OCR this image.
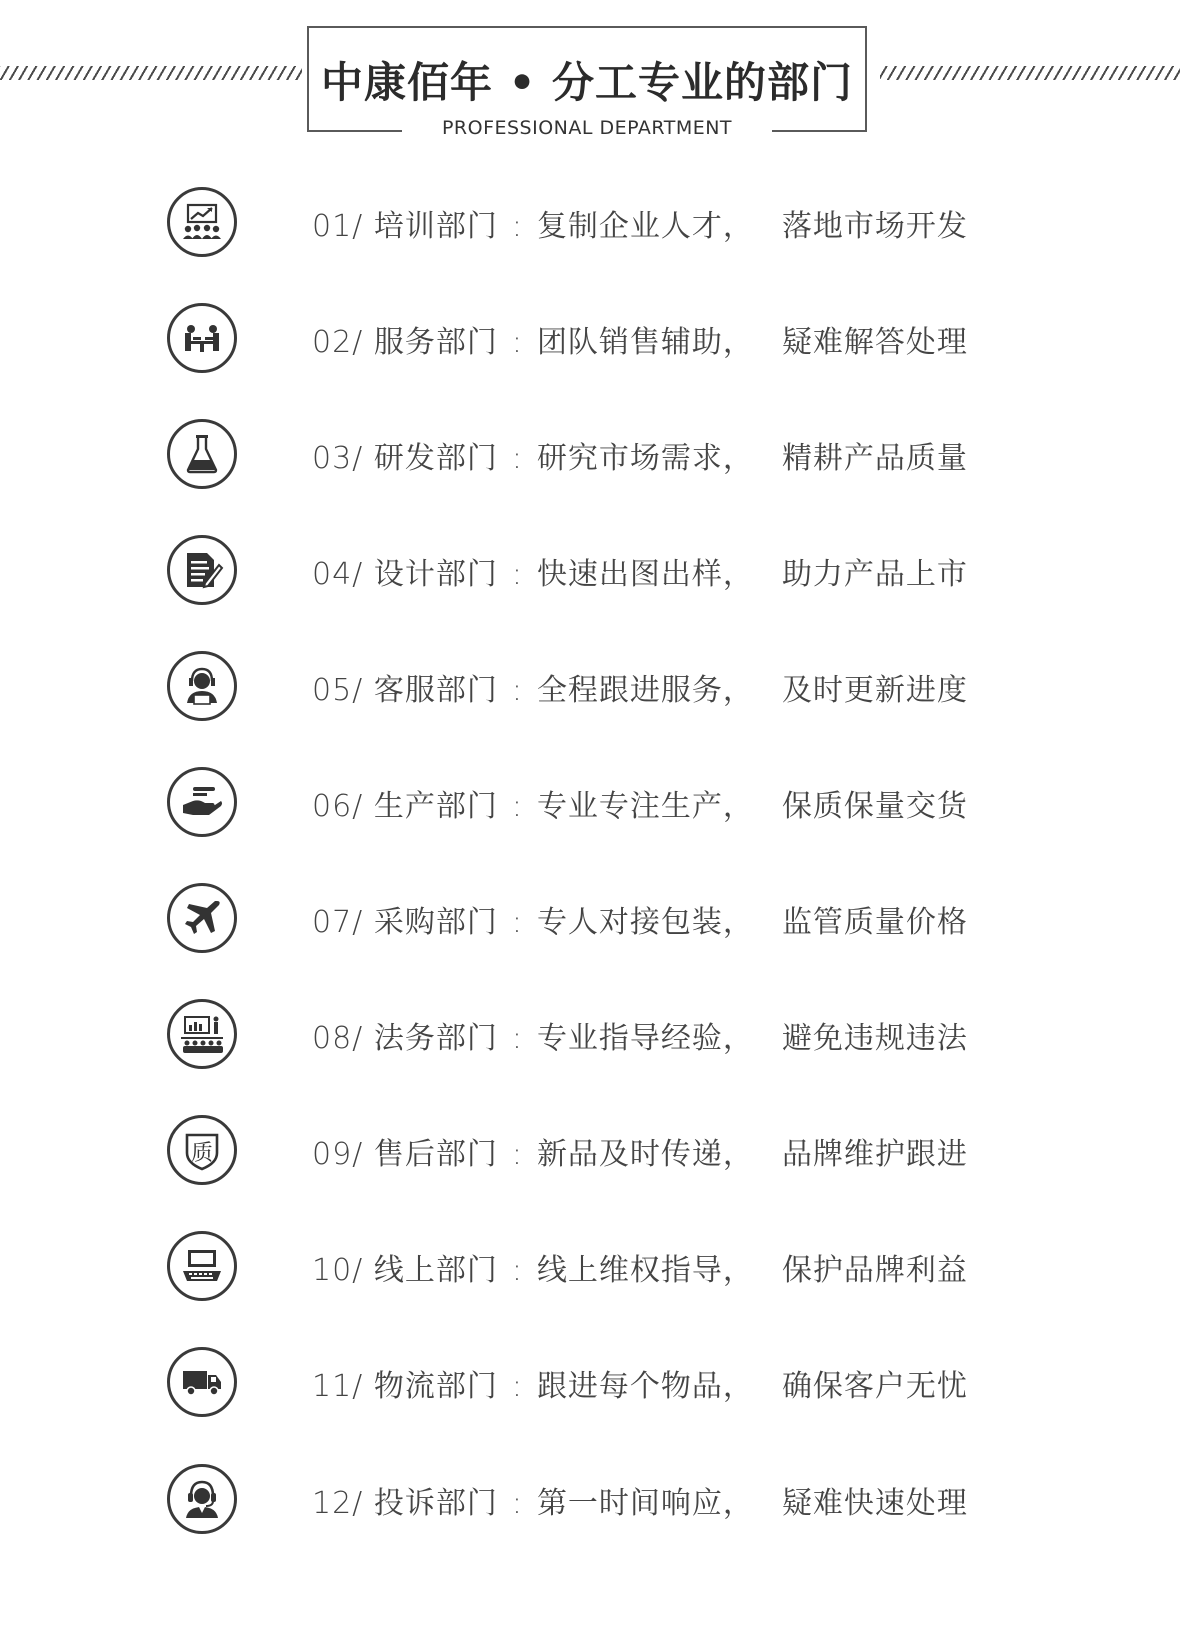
中康佰年 • 分工专业的部门
PROFESSIONAL DEPARTMENT
01/ 培训部门 : 复制企业人才， 落地市场开发
02/ 服务部门 : 团队销售辅助， 疑难解答处理
03/ 研发部门 : 研究市场需求， 精耕产品质量
04/ 设计部门 : 快速出图出样， 助力产品上市
05/ 客服部门 : 全程跟进服务， 及时更新进度
06/ 生产部门 : 专业专注生产， 保质保量交货
07/ 采购部门 : 专人对接包装， 监管质量价格
08/ 法务部门 : 专业指导经验， 避免违规违法
质	09/ 售后部门 : 新品及时传递， 品牌维护跟进
10/ 线上部门 : 线上维权指导， 保护品牌利益
11/ 物流部门 : 跟进每个物品， 确保客户无忧
12/ 投诉部门 : 第一时间响应， 疑难快速处理
